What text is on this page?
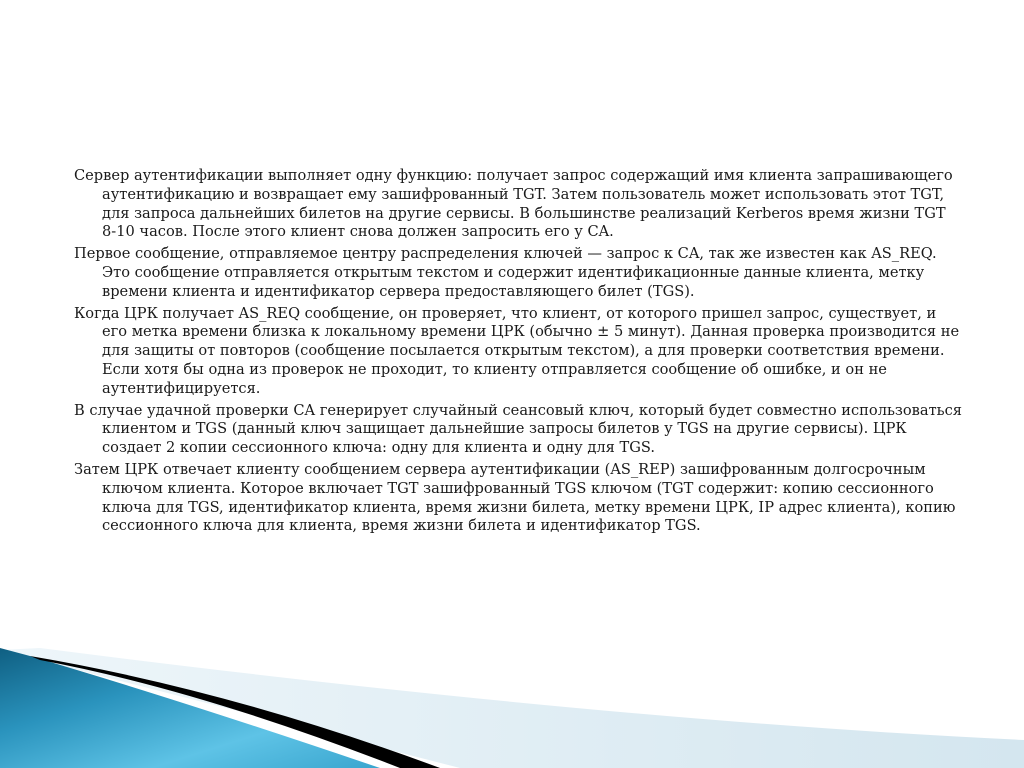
Сервер аутентификации выполняет одну функцию: получает запрос содержащий имя клиента запрашивающего аутентификацию и возвращает ему зашифрованный TGT. Затем пользователь может использовать этот TGT, для запроса дальнейших билетов на другие сервисы. В большинстве реализаций Kerberos время жизни TGT 8-10 часов. После этого клиент снова должен запросить его у CA.

Первое сообщение, отправляемое центру распределения ключей — запрос к CA, так же известен как AS_REQ. Это сообщение отправляется открытым текстом и содержит идентификационные данные клиента, метку времени клиента и идентификатор сервера предоставляющего билет (TGS).

Когда ЦРК получает AS_REQ сообщение, он проверяет, что клиент, от которого пришел запрос, существует, и его метка времени близка к локальному времени ЦРК (обычно ± 5 минут). Данная проверка производится не для защиты от повторов (сообщение посылается открытым текстом), а для проверки соответствия времени. Если хотя бы одна из проверок не проходит, то клиенту отправляется сообщение об ошибке, и он не аутентифицируется.

В случае удачной проверки CA генерирует случайный сеансовый ключ, который будет совместно использоваться клиентом и TGS (данный ключ защищает дальнейшие запросы билетов у TGS на другие сервисы). ЦРК создает 2 копии сессионного ключа: одну для клиента и одну для TGS.

Затем ЦРК отвечает клиенту сообщением сервера аутентификации (AS_REP) зашифрованным долгосрочным ключом клиента. Которое включает TGT зашифрованный TGS ключом (TGT содержит: копию сессионного ключа для TGS, идентификатор клиента, время жизни билета, метку времени ЦРК, IP адрес клиента), копию сессионного ключа для клиента, время жизни билета и идентификатор TGS.
